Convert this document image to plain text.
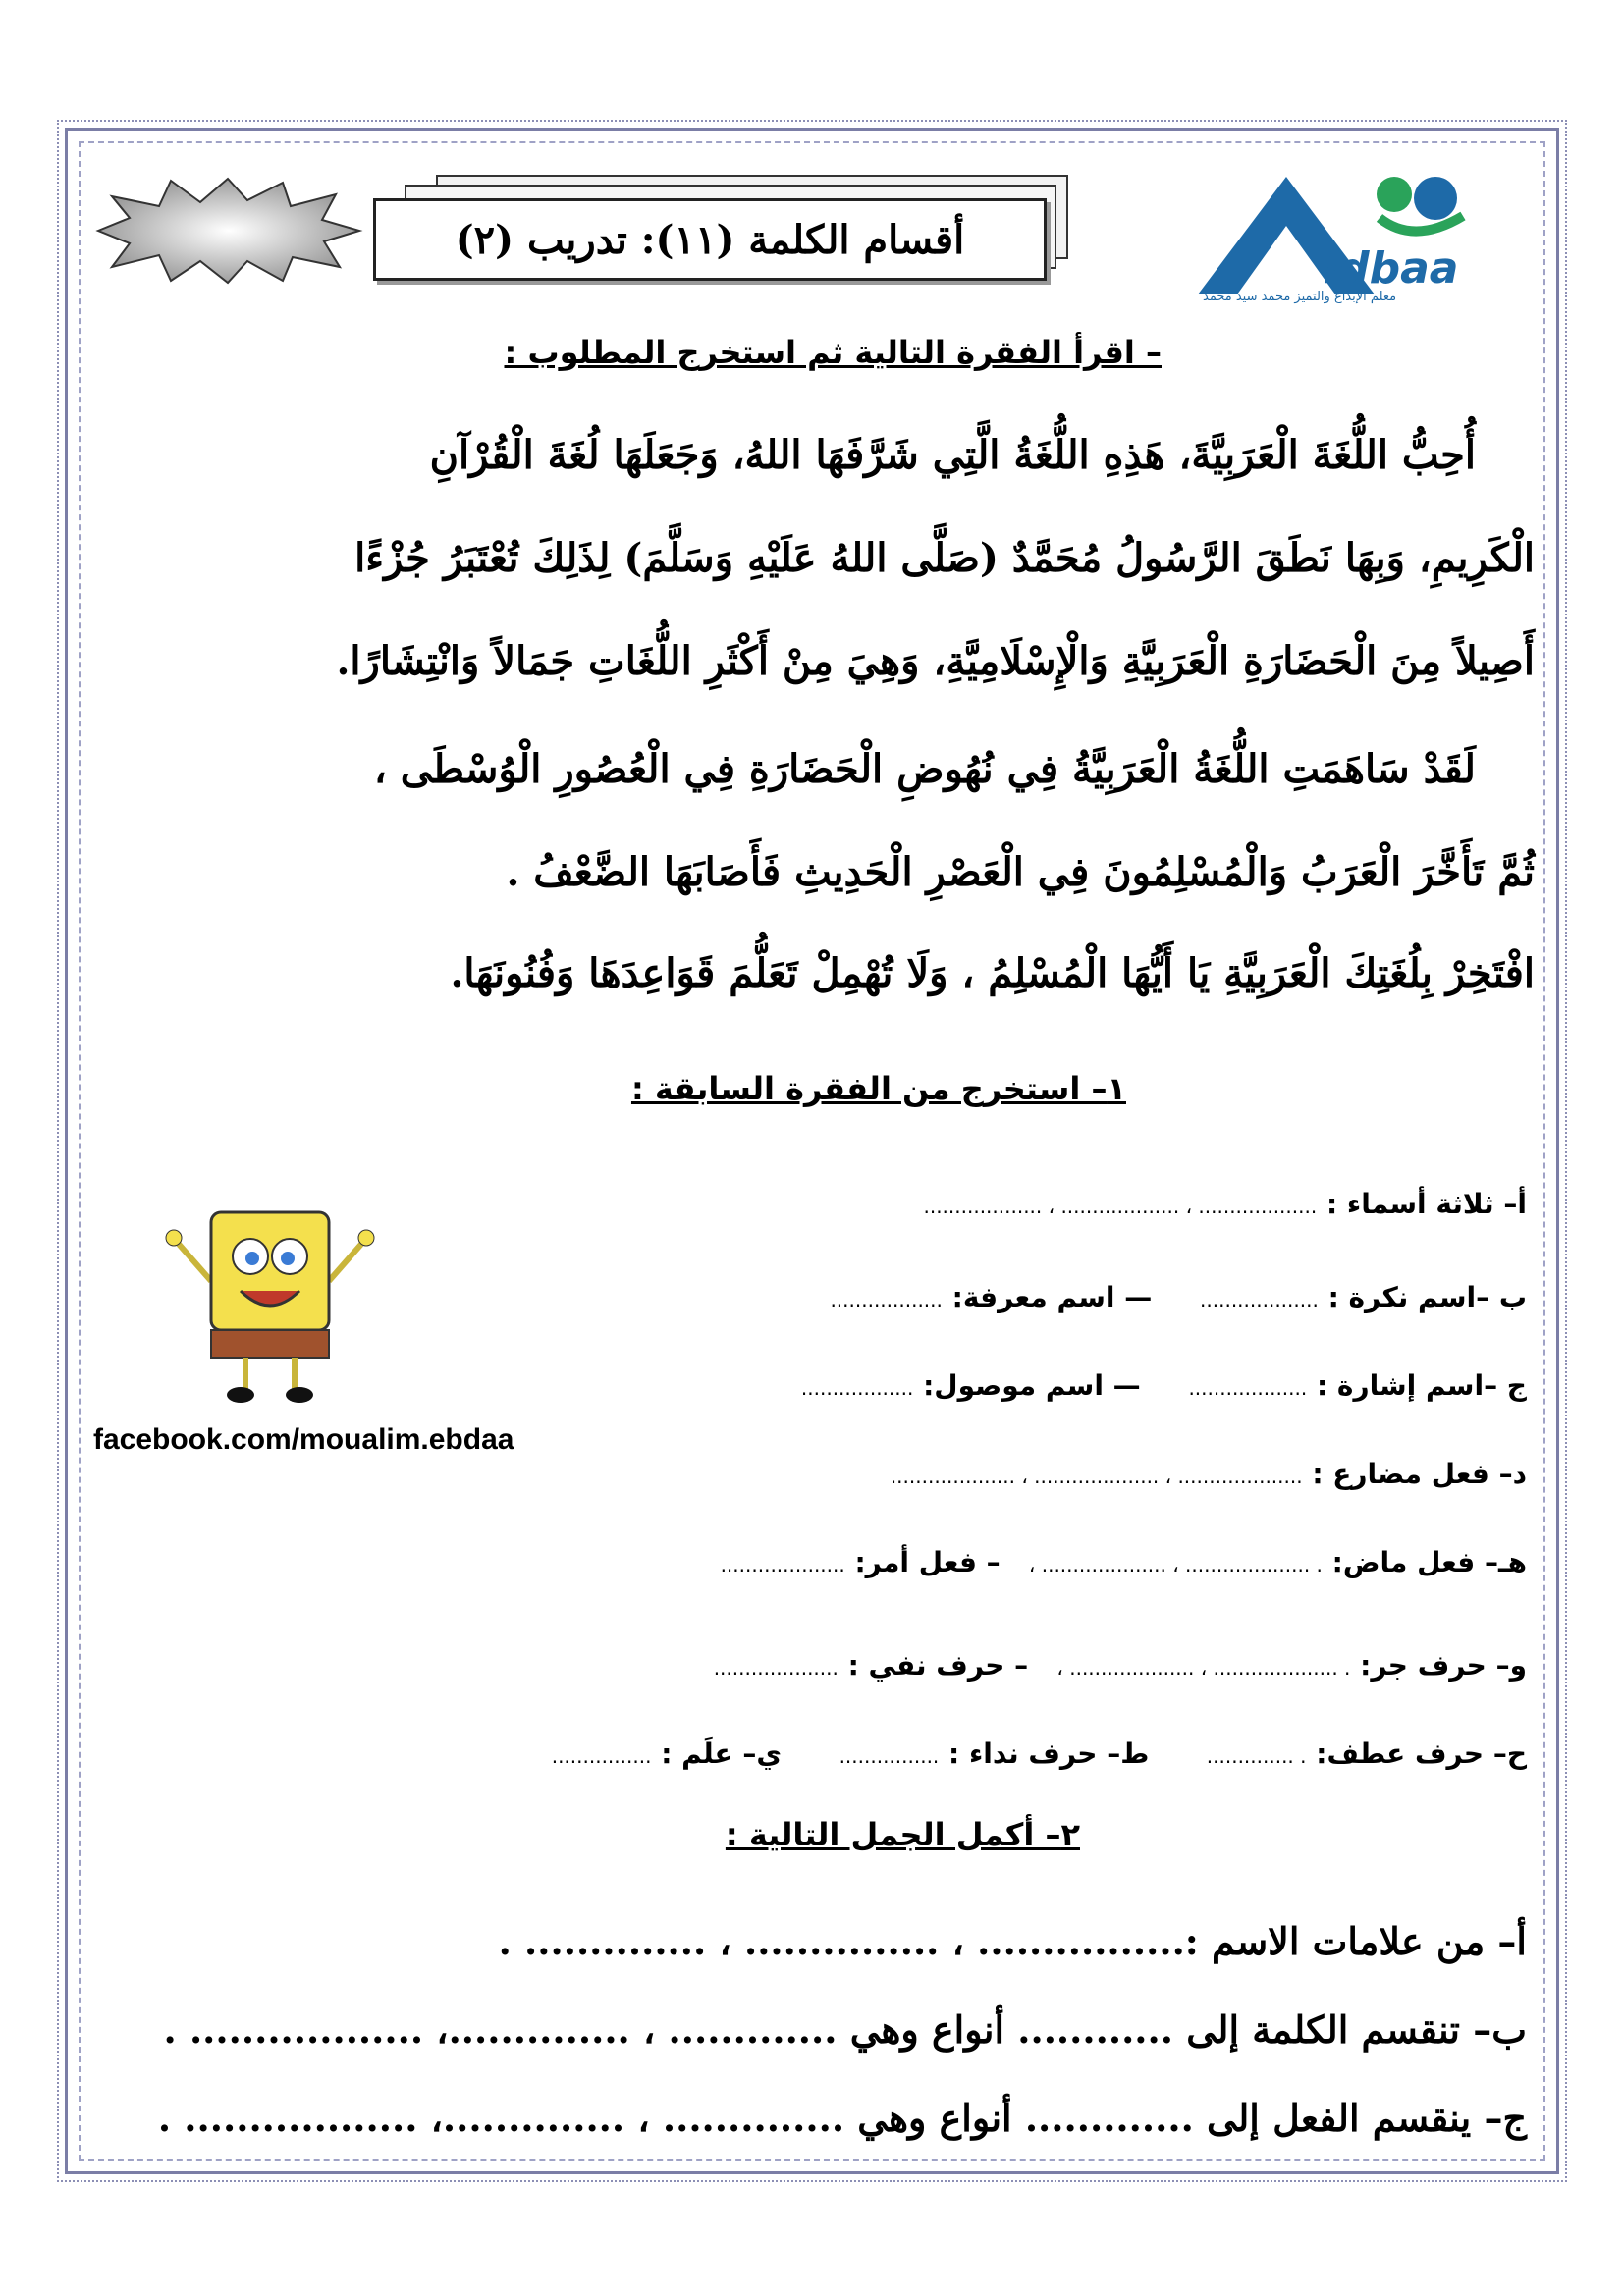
أقسام الكلمة (١١): تدريب (٢)
ldbaa
معلم الإبداع والتميز محمد سيد محمد
– اقرأ الفقرة التالية ثم استخرج المطلوب :
أُحِبُّ اللُّغَةَ الْعَرَبِيَّةَ، هَذِهِ اللُّغَةُ الَّتِي شَرَّفَهَا اللهُ، وَجَعَلَهَا لُغَةَ الْقُرْآنِ
الْكَرِيمِ، وَبِهَا نَطَقَ الرَّسُولُ مُحَمَّدٌ (صَلَّى اللهُ عَلَيْهِ وَسَلَّمَ) لِذَلِكَ تُعْتَبَرُ جُزْءًا
أَصِيلاً مِنَ الْحَضَارَةِ الْعَرَبِيَّةِ وَالْإِسْلَامِيَّةِ، وَهِيَ مِنْ أَكْثَرِ اللُّغَاتِ جَمَالاً وَانْتِشَارًا.
لَقَدْ سَاهَمَتِ اللُّغَةُ الْعَرَبِيَّةُ فِي نُهُوضِ الْحَضَارَةِ فِي الْعُصُورِ الْوُسْطَى ،
ثُمَّ تَأَخَّرَ الْعَرَبُ وَالْمُسْلِمُونَ فِي الْعَصْرِ الْحَدِيثِ فَأَصَابَهَا الضَّعْفُ .
افْتَخِرْ بِلُغَتِكَ الْعَرَبِيَّةِ يَا أَيُّهَا الْمُسْلِمُ ، وَلَا تُهْمِلْ تَعَلُّمَ قَوَاعِدَهَا وَفُنُونَهَا.
١– استخرج من الفقرة السابقة :
أ– ثلاثة أسماء : ................... ، ................... ، ...................
ب –اسم نكرة : ...................     — اسم معرفة: ..................
ج –اسم إشارة : ...................     — اسم موصول: ..................
د– فعل مضارع : .................... ، .................... ، ....................
هـ– فعل ماض: . .................... ، .................... ،   – فعل أمر: ....................
و– حرف جر: . .................... ، .................... ،   – حرف نفي : ....................
ح– حرف عطف: . ..............      ط– حرف نداء : ................      ي– علَم : ................
facebook.com/moualim.ebdaa
٢– أكمل الجمل التالية :
أ– من علامات الاسم :................ ، ............... ، .............. .
ب– تنقسم الكلمة إلى ............ أنواع وهي ............. ، ..............، .................. .
ج– ينقسم الفعل إلى ............. أنواع وهي .............. ، ..............، .................. .
